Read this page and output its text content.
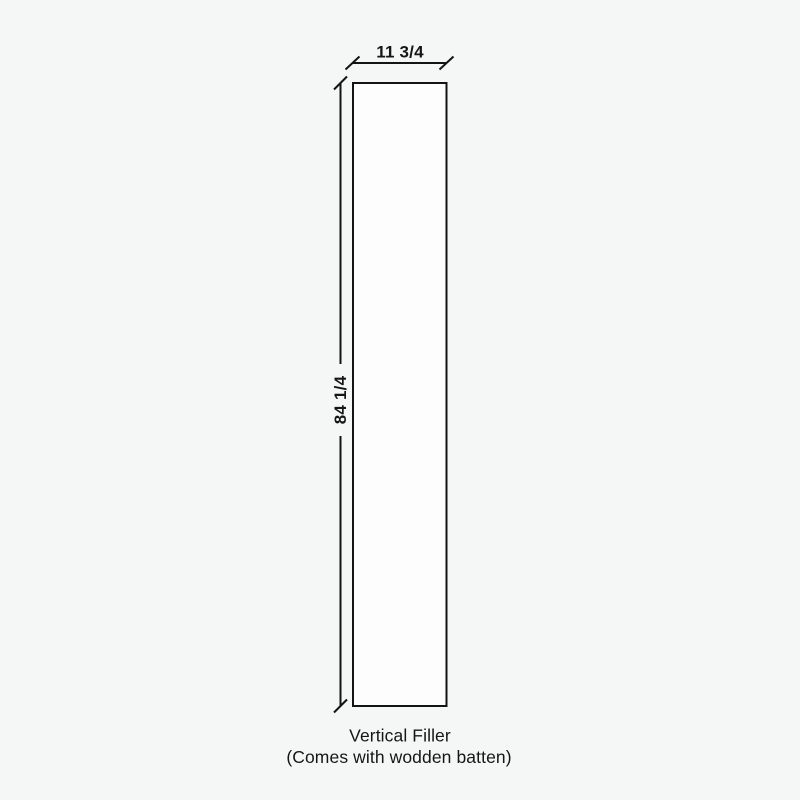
11 3/4
84 1/4
Vertical Filler
(Comes with wodden batten)
